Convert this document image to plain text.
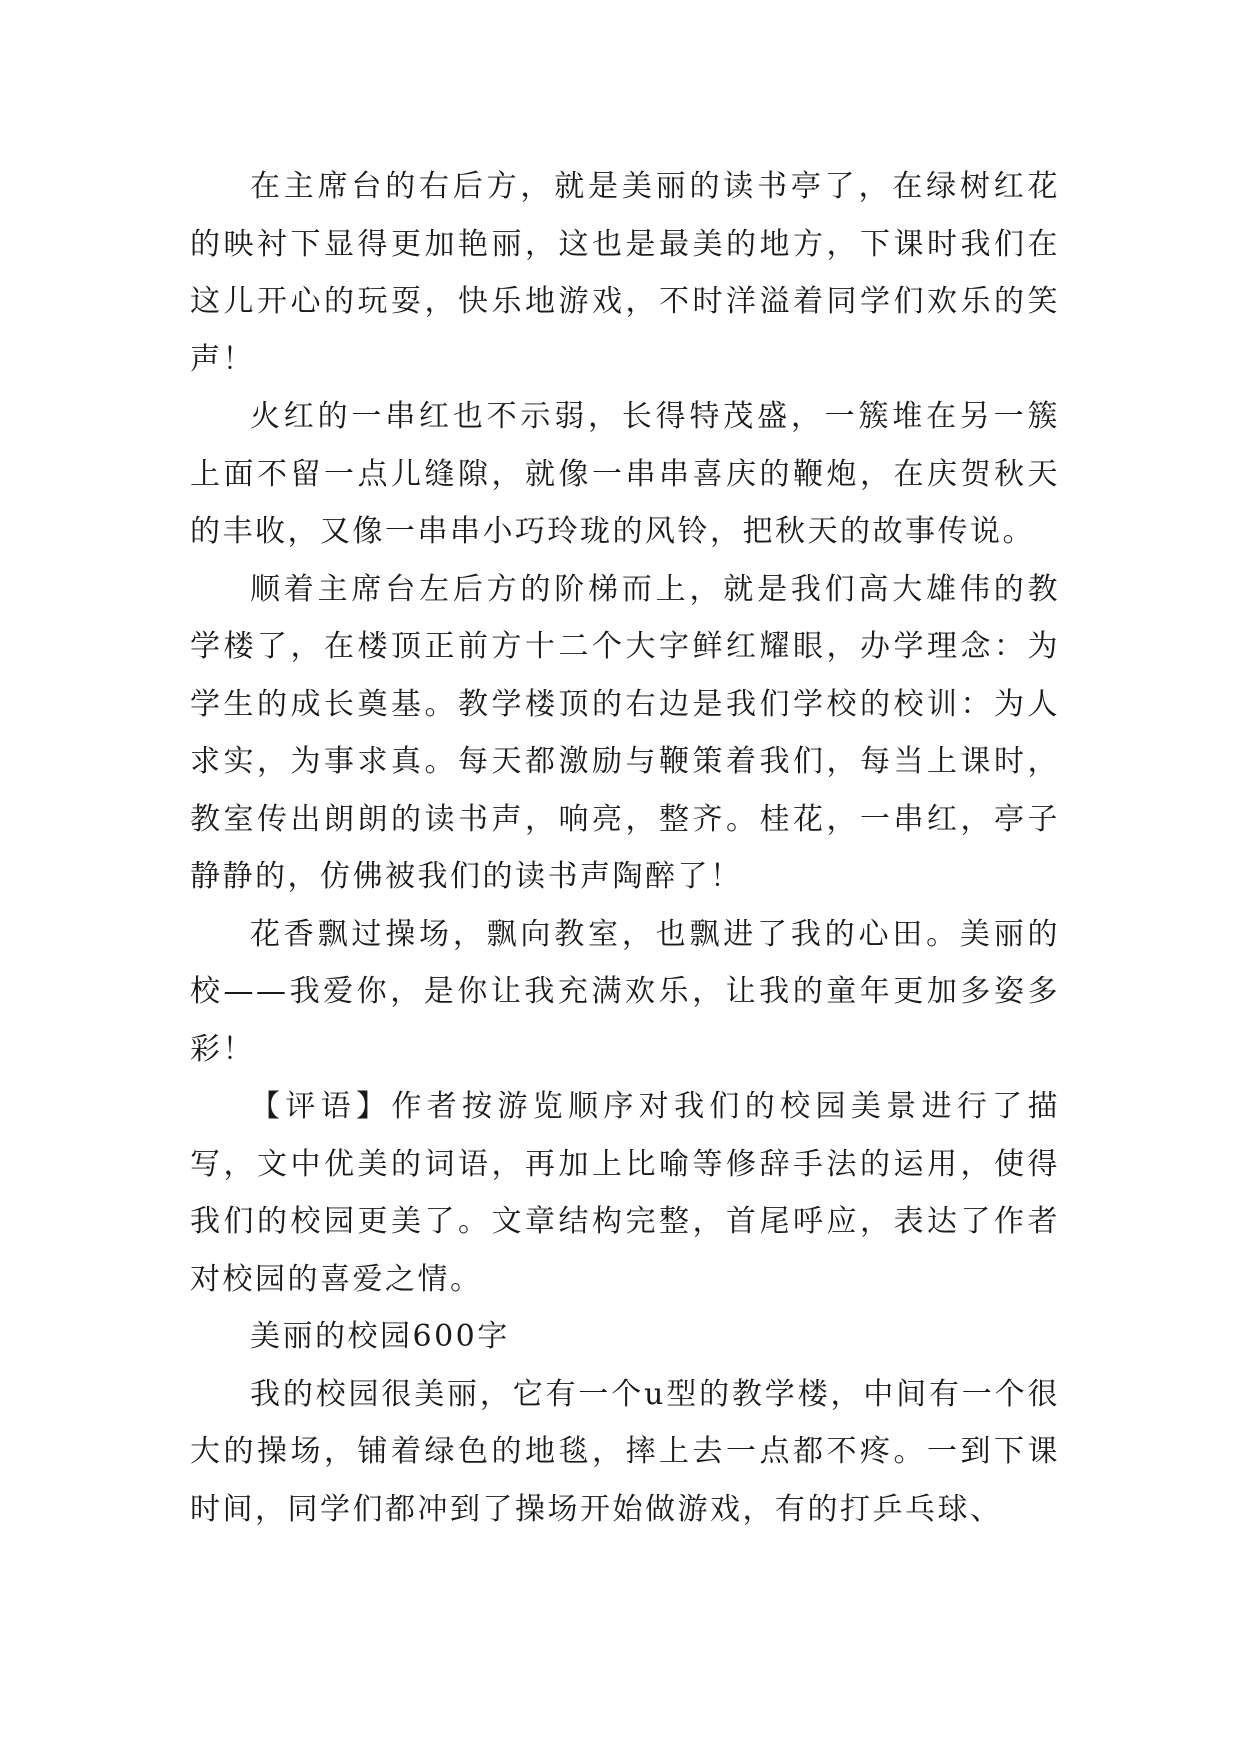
在主席台的右后方，就是美丽的读书亭了，在绿树红花的映衬下显得更加艳丽，这也是最美的地方，下课时我们在这儿开心的玩耍，快乐地游戏，不时洋溢着同学们欢乐的笑声！

火红的一串红也不示弱，长得特茂盛，一簇堆在另一簇上面不留一点儿缝隙，就像一串串喜庆的鞭炮，在庆贺秋天的丰收，又像一串串小巧玲珑的风铃，把秋天的故事传说。

顺着主席台左后方的阶梯而上，就是我们高大雄伟的教学楼了，在楼顶正前方十二个大字鲜红耀眼，办学理念：为学生的成长奠基。教学楼顶的右边是我们学校的校训：为人求实，为事求真。每天都激励与鞭策着我们，每当上课时，教室传出朗朗的读书声，响亮，整齐。桂花，一串红，亭子静静的，仿佛被我们的读书声陶醉了！

花香飘过操场，飘向教室，也飘进了我的心田。美丽的校——我爱你，是你让我充满欢乐，让我的童年更加多姿多彩！

【评语】作者按游览顺序对我们的校园美景进行了描写，文中优美的词语，再加上比喻等修辞手法的运用，使得我们的校园更美了。文章结构完整，首尾呼应，表达了作者对校园的喜爱之情。

美丽的校园600字

我的校园很美丽，它有一个u型的教学楼，中间有一个很大的操场，铺着绿色的地毯，摔上去一点都不疼。一到下课时间，同学们都冲到了操场开始做游戏，有的打乒乓球、
